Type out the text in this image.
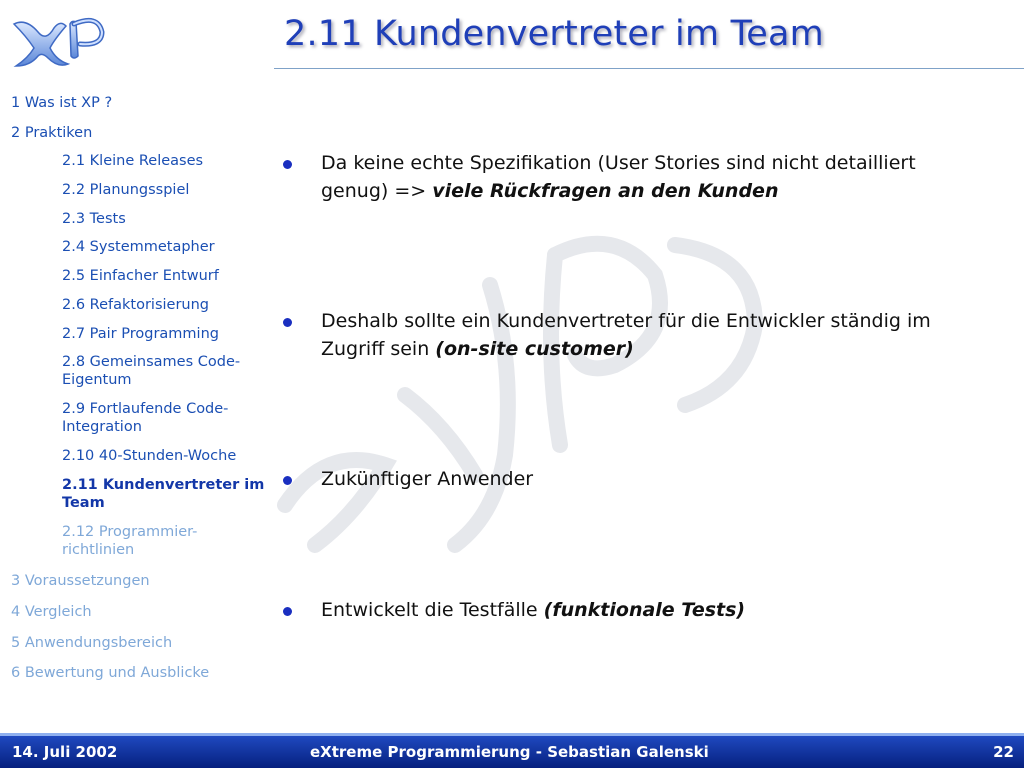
2.11 Kundenvertreter im Team
1 Was ist XP ?
2 Praktiken
2.1 Kleine Releases
2.2 Planungsspiel
2.3 Tests
2.4 Systemmetapher
2.5 Einfacher Entwurf
2.6 Refaktorisierung
2.7 Pair Programming
2.8 Gemeinsames Code-Eigentum
2.9 Fortlaufende Code-Integration
2.10 40-Stunden-Woche
2.11 Kundenvertreter im Team
2.12 Programmier-richtlinien
3 Voraussetzungen
4 Vergleich
5 Anwendungsbereich
6 Bewertung und Ausblicke
Da keine echte Spezifikation (User Stories sind nicht detailliert genug) => viele Rückfragen an den Kunden
Deshalb sollte ein Kundenvertreter für die Entwickler ständig im Zugriff sein (on-site customer)
Zukünftiger Anwender
Entwickelt die Testfälle (funktionale Tests)
14. Juli 2002	eXtreme Programmierung - Sebastian Galenski	22
